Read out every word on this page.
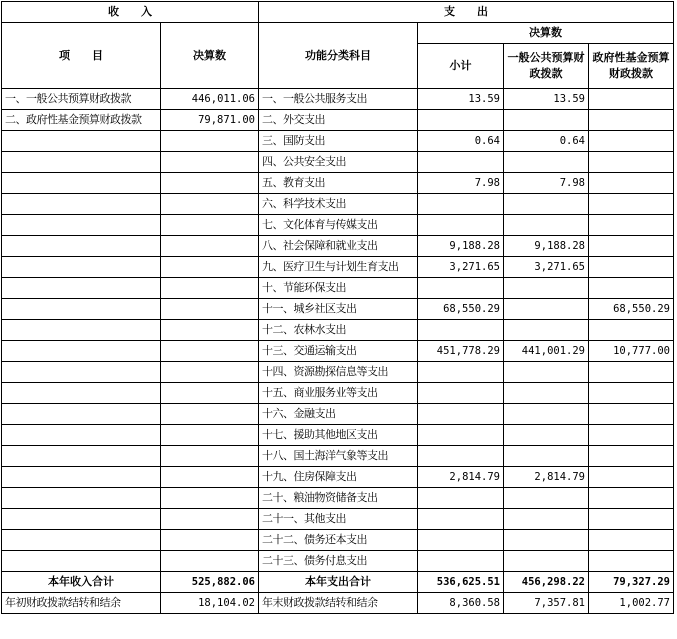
收　　入		支　　出			
项　　目	决算数	功能分类科目	决算数		
			小计	一般公共预算财政拨款	政府性基金预算财政拨款
一、一般公共预算财政拨款	446,011.06	一、一般公共服务支出	13.59	13.59	
二、政府性基金预算财政拨款	79,871.00	二、外交支出			
		三、国防支出	0.64	0.64	
		四、公共安全支出			
		五、教育支出	7.98	7.98	
		六、科学技术支出			
		七、文化体育与传媒支出			
		八、社会保障和就业支出	9,188.28	9,188.28	
		九、医疗卫生与计划生育支出	3,271.65	3,271.65	
		十、节能环保支出			
		十一、城乡社区支出	68,550.29		68,550.29
		十二、农林水支出			
		十三、交通运输支出	451,778.29	441,001.29	10,777.00
		十四、资源勘探信息等支出			
		十五、商业服务业等支出			
		十六、金融支出			
		十七、援助其他地区支出			
		十八、国土海洋气象等支出			
		十九、住房保障支出	2,814.79	2,814.79	
		二十、粮油物资储备支出			
		二十一、其他支出			
		二十二、债务还本支出			
		二十三、债务付息支出			
本年收入合计	525,882.06	本年支出合计	536,625.51	456,298.22	79,327.29
年初财政拨款结转和结余	18,104.02	年末财政拨款结转和结余	8,360.58	7,357.81	1,002.77
